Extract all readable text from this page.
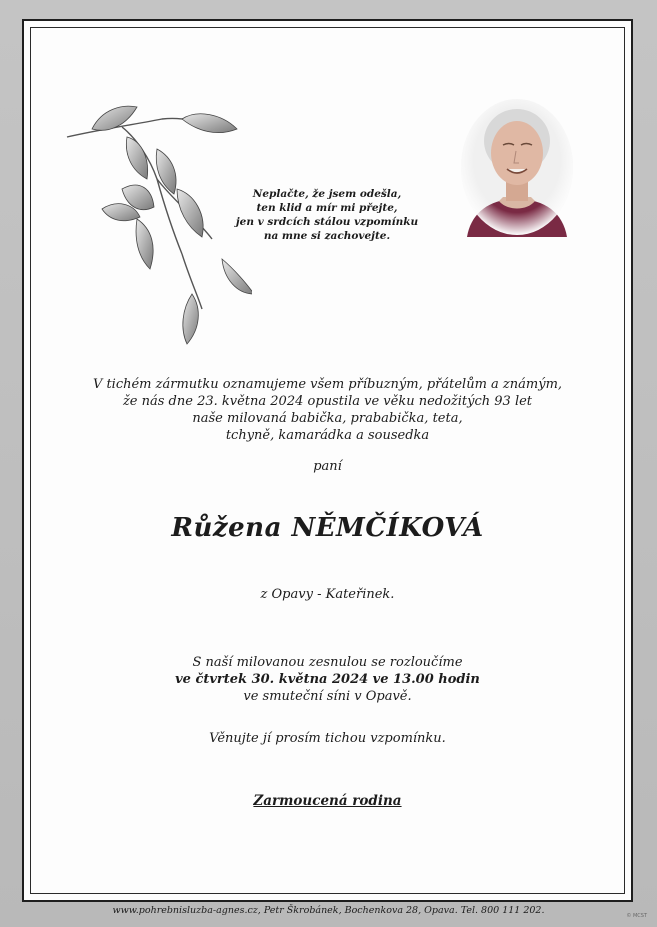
Neplačte, že jsem odešla,
ten klid a mír mi přejte,
jen v srdcích stálou vzpomínku
na mne si zachovejte.
V tichém zármutku oznamujeme všem příbuzným, přátelům a známým,
že nás dne 23. května 2024 opustila ve věku nedožitých 93 let
naše milovaná babička, prababička, teta,
tchyně, kamarádka a sousedka
paní
Růžena NĚMČÍKOVÁ
z Opavy - Kateřinek.
S naší milovanou zesnulou se rozloučíme
ve čtvrtek 30. května 2024 ve 13.00 hodin
ve smuteční síni v Opavě.
Věnujte jí prosím tichou vzpomínku.
Zarmoucená rodina
www.pohrebnisluzba-agnes.cz, Petr Škrobánek, Bochenkova 28, Opava. Tel. 800 111 202.	© MCST
